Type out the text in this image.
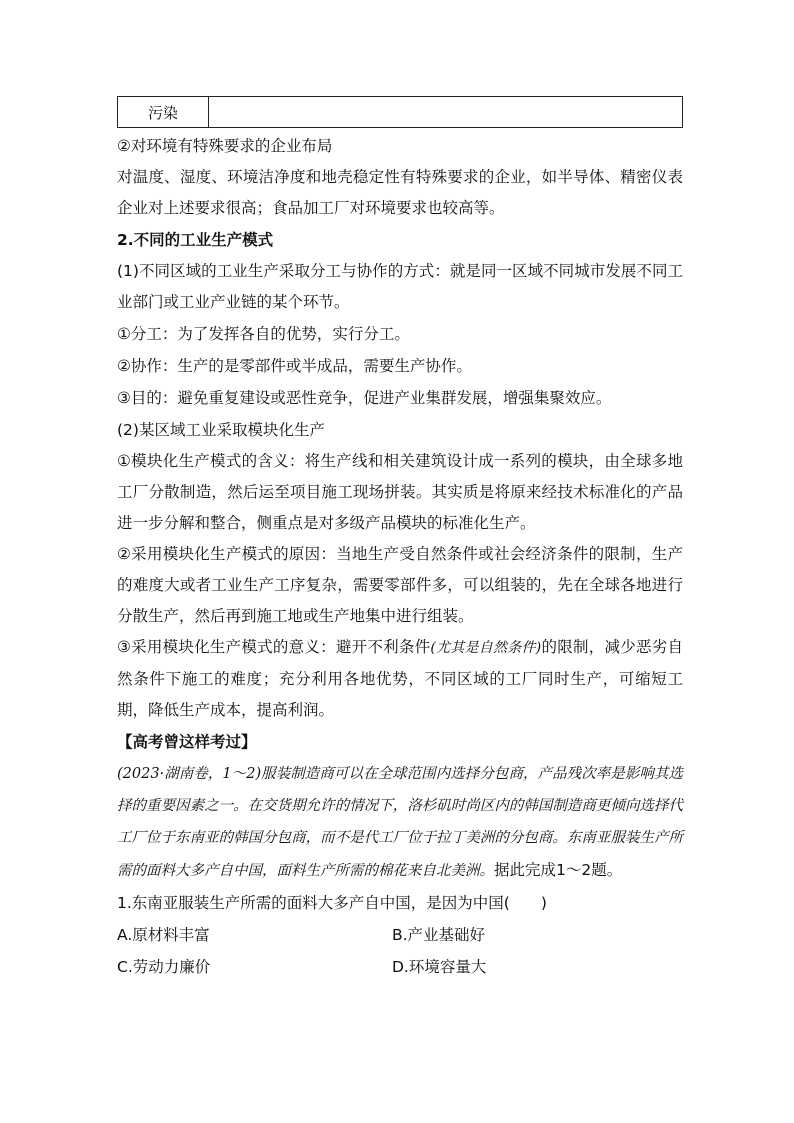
污染	
②对环境有特殊要求的企业布局
对温度、湿度、环境洁净度和地壳稳定性有特殊要求的企业，如半导体、精密仪表企业对上述要求很高；食品加工厂对环境要求也较高等。
2.不同的工业生产模式
(1)不同区域的工业生产采取分工与协作的方式：就是同一区域不同城市发展不同工业部门或工业产业链的某个环节。
①分工：为了发挥各自的优势，实行分工。
②协作：生产的是零部件或半成品，需要生产协作。
③目的：避免重复建设或恶性竞争，促进产业集群发展，增强集聚效应。
(2)某区域工业采取模块化生产
①模块化生产模式的含义：将生产线和相关建筑设计成一系列的模块，由全球多地工厂分散制造，然后运至项目施工现场拼装。其实质是将原来经技术标准化的产品进一步分解和整合，侧重点是对多级产品模块的标准化生产。
②采用模块化生产模式的原因：当地生产受自然条件或社会经济条件的限制，生产的难度大或者工业生产工序复杂，需要零部件多，可以组装的，先在全球各地进行分散生产，然后再到施工地或生产地集中进行组装。
③采用模块化生产模式的意义：避开不利条件(尤其是自然条件)的限制，减少恶劣自然条件下施工的难度；充分利用各地优势，不同区域的工厂同时生产，可缩短工期，降低生产成本，提高利润。
【高考曾这样考过】
(2023·湖南卷，1～2)服装制造商可以在全球范围内选择分包商，产品残次率是影响其选择的重要因素之一。在交货期允许的情况下，洛杉矶时尚区内的韩国制造商更倾向选择代工厂位于东南亚的韩国分包商，而不是代工厂位于拉丁美洲的分包商。东南亚服装生产所需的面料大多产自中国，面料生产所需的棉花来自北美洲。据此完成1～2题。
1.东南亚服装生产所需的面料大多产自中国，是因为中国(　　)
A.原材料丰富	B.产业基础好
C.劳动力廉价	D.环境容量大
